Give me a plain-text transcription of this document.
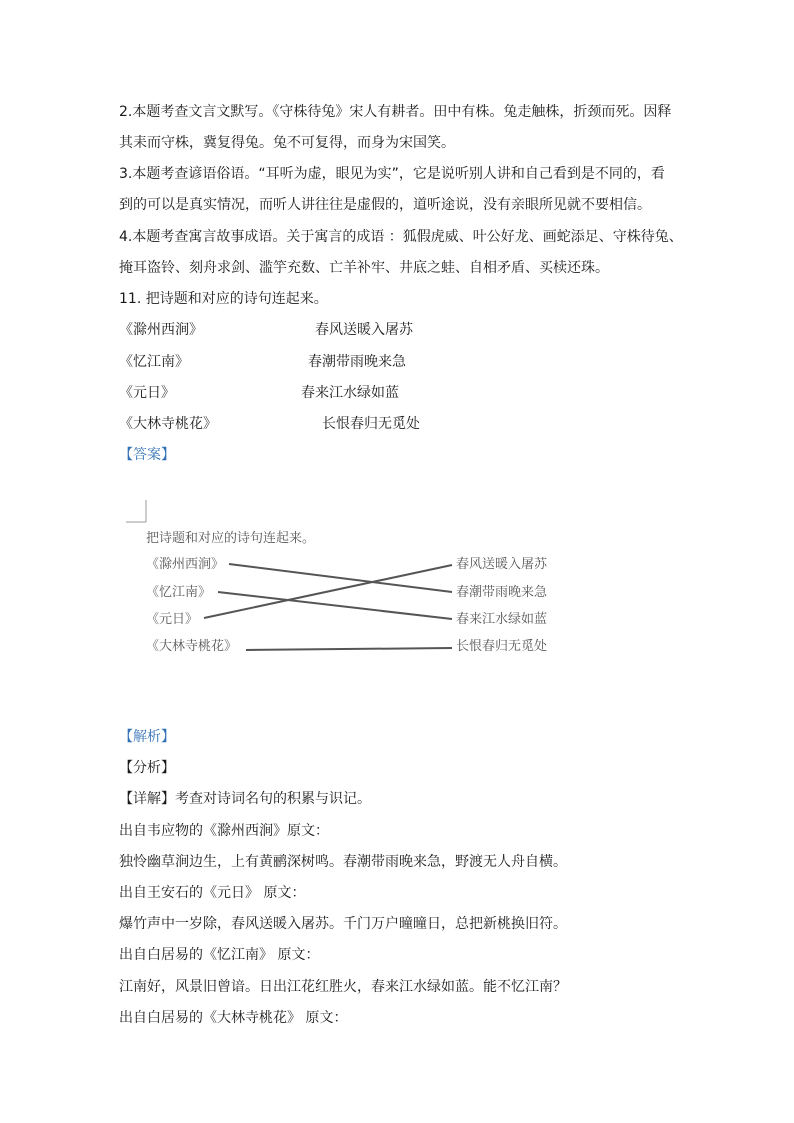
2.本题考查文言文默写。《守株待兔》宋人有耕者。田中有株。兔走触株，折颈而死。因释
其耒而守株，冀复得兔。兔不可复得，而身为宋国笑。
3.本题考查谚语俗语。“耳听为虚，眼见为实”，它是说听别人讲和自己看到是不同的，看
到的可以是真实情况，而听人讲往往是虚假的，道听途说，没有亲眼所见就不要相信。
4.本题考查寓言故事成语。关于寓言的成语 ：狐假虎威、叶公好龙、画蛇添足、守株待兔、
掩耳盗铃、刻舟求剑、滥竽充数、亡羊补牢、井底之蛙、自相矛盾、买椟还珠。
11. 把诗题和对应的诗句连起来。
《滁州西涧》	春风送暖入屠苏
《忆江南》	春潮带雨晚来急
《元日》	春来江水绿如蓝
《大林寺桃花》	长恨春归无觅处
【答案】
把诗题和对应的诗句连起来。
《滁州西涧》
《忆江南》
《元日》
《大林寺桃花》
春风送暖入屠苏
春潮带雨晚来急
春来江水绿如蓝
长恨春归无觅处
【解析】
【分析】
【详解】考查对诗词名句的积累与识记。
出自韦应物的《滁州西涧》原文：
独怜幽草涧边生，上有黄鹂深树鸣。春潮带雨晚来急，野渡无人舟自横。
出自王安石的《元日》 原文：
爆竹声中一岁除，春风送暖入屠苏。千门万户曈曈日，总把新桃换旧符。
出自白居易的《忆江南》 原文：
江南好，风景旧曾谙。日出江花红胜火，春来江水绿如蓝。能不忆江南？
出自白居易的《大林寺桃花》 原文：
